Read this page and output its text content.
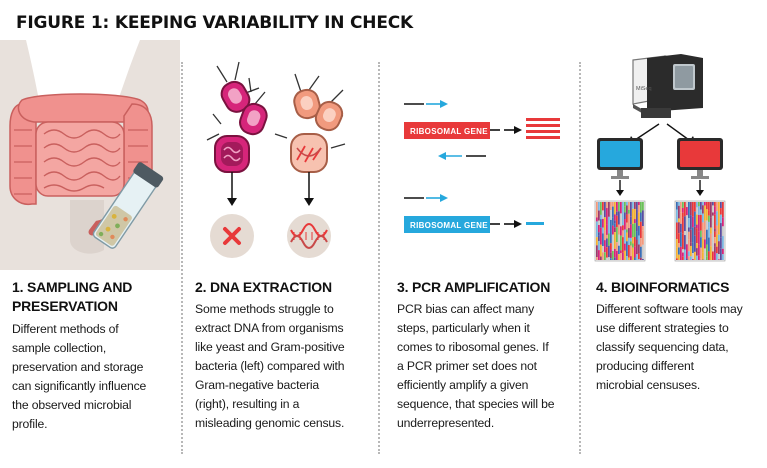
FIGURE 1: KEEPING VARIABILITY IN CHECK
1. SAMPLING AND
PRESERVATION
Different methods of
sample collection,
preservation and storage
can significantly influence
the observed microbial
profile.
2. DNA EXTRACTION
Some methods struggle to
extract DNA from organisms
like yeast and Gram-positive
bacteria (left) compared with
Gram-negative bacteria
(right), resulting in a
misleading genomic census.
RIBOSOMAL GENE 1
RIBOSOMAL GENE 2
3. PCR AMPLIFICATION
PCR bias can affect many
steps, particularly when it
comes to ribosomal genes. If
a PCR primer set does not
efficiently amplify a given
sequence, that species will be
underrepresented.
MiSeq
4. BIOINFORMATICS
Different software tools may
use different strategies to
classify sequencing data,
producing different
microbial censuses.
